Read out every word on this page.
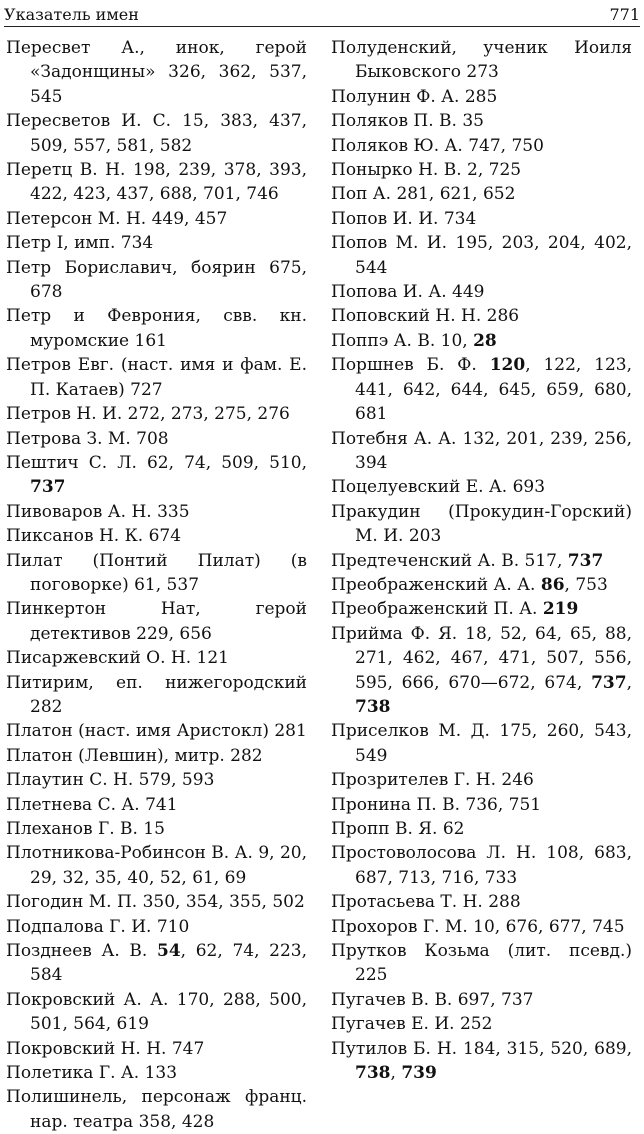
Указатель имен	771

Пересвет А., инок, герой «Задонщины» 326, 362, 537, 545

Пересветов И. С. 15, 383, 437, 509, 557, 581, 582

Перетц В. Н. 198, 239, 378, 393, 422, 423, 437, 688, 701, 746

Петерсон М. Н. 449, 457

Петр I, имп. 734

Петр Бориславич, боярин 675, 678

Петр и Феврония, свв. кн. муромские 161

Петров Евг. (наст. имя и фам. Е. П. Катаев) 727

Петров Н. И. 272, 273, 275, 276

Петрова З. М. 708

Пештич С. Л. 62, 74, 509, 510, 737

Пивоваров А. Н. 335

Пиксанов Н. К. 674

Пилат (Понтий Пилат) (в поговорке) 61, 537

Пинкертон Нат, герой детективов 229, 656

Писаржевский О. Н. 121

Питирим, еп. нижегородский 282

Платон (наст. имя Аристокл) 281

Платон (Левшин), митр. 282

Плаутин С. Н. 579, 593

Плетнева С. А. 741

Плеханов Г. В. 15

Плотникова-Робинсон В. А. 9, 20, 29, 32, 35, 40, 52, 61, 69

Погодин М. П. 350, 354, 355, 502

Подпалова Г. И. 710

Позднеев А. В. 54, 62, 74, 223, 584

Покровский А. А. 170, 288, 500, 501, 564, 619

Покровский Н. Н. 747

Полетика Г. А. 133

Полишинель, персонаж франц. нар. театра 358, 428

Полуденский, ученик Иоиля Быковского 273

Полунин Ф. А. 285

Поляков П. В. 35

Поляков Ю. А. 747, 750

Понырко Н. В. 2, 725

Поп А. 281, 621, 652

Попов И. И. 734

Попов М. И. 195, 203, 204, 402, 544

Попова И. А. 449

Поповский Н. Н. 286

Поппэ А. В. 10, 28

Поршнев Б. Ф. 120, 122, 123, 441, 642, 644, 645, 659, 680, 681

Потебня А. А. 132, 201, 239, 256, 394

Поцелуевский Е. А. 693

Пракудин (Прокудин-Горский) М. И. 203

Предтеченский А. В. 517, 737

Преображенский А. А. 86, 753

Преображенский П. А. 219

Прийма Ф. Я. 18, 52, 64, 65, 88, 271, 462, 467, 471, 507, 556, 595, 666, 670—672, 674, 737, 738

Приселков М. Д. 175, 260, 543, 549

Прозрителев Г. Н. 246

Пронина П. В. 736, 751

Пропп В. Я. 62

Простоволосова Л. Н. 108, 683, 687, 713, 716, 733

Протасьева Т. Н. 288

Прохоров Г. М. 10, 676, 677, 745

Прутков Козьма (лит. псевд.) 225

Пугачев В. В. 697, 737

Пугачев Е. И. 252

Путилов Б. Н. 184, 315, 520, 689, 738, 739
